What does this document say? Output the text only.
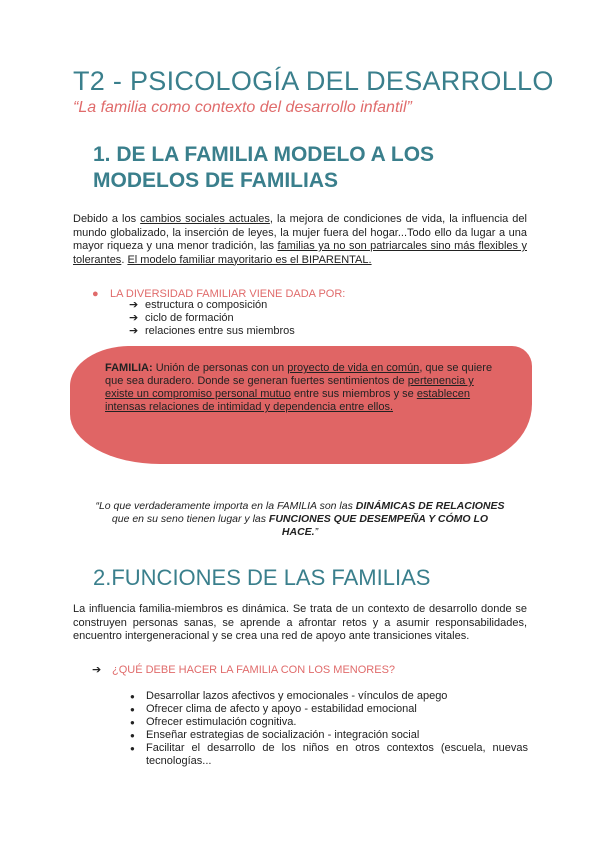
T2 - PSICOLOGÍA DEL DESARROLLO
“La familia como contexto del desarrollo infantil”
1. DE LA FAMILIA MODELO A LOS MODELOS DE FAMILIAS
Debido a los cambios sociales actuales, la mejora de condiciones de vida, la influencia del mundo globalizado, la inserción de leyes, la mujer fuera del hogar...Todo ello da lugar a una mayor riqueza y una menor tradición, las familias ya no son patriarcales sino más flexibles y tolerantes. El modelo familiar mayoritario es el BIPARENTAL.
● LA DIVERSIDAD FAMILIAR VIENE DADA POR:
➔ estructura o composición
➔ ciclo de formación
➔ relaciones entre sus miembros
FAMILIA: Unión de personas con un proyecto de vida en común, que se quiere que sea duradero. Donde se generan fuertes sentimientos de pertenencia y existe un compromiso personal mutuo entre sus miembros y se establecen intensas relaciones de intimidad y dependencia entre ellos.
“Lo que verdaderamente importa en la FAMILIA son las DINÁMICAS DE RELACIONES que en su seno tienen lugar y las FUNCIONES QUE DESEMPEÑA Y CÓMO LO HACE.”
2.FUNCIONES DE LAS FAMILIAS
La influencia familia-miembros es dinámica. Se trata de un contexto de desarrollo donde se construyen personas sanas, se aprende a afrontar retos y a asumir responsabilidades, encuentro intergeneracional y se crea una red de apoyo ante transiciones vitales.
➔ ¿QUÉ DEBE HACER LA FAMILIA CON LOS MENORES?
● Desarrollar lazos afectivos y emocionales - vínculos de apego
● Ofrecer clima de afecto y apoyo - estabilidad emocional
● Ofrecer estimulación cognitiva.
● Enseñar estrategias de socialización - integración social
● Facilitar el desarrollo de los niños en otros contextos (escuela, nuevas tecnologías...
